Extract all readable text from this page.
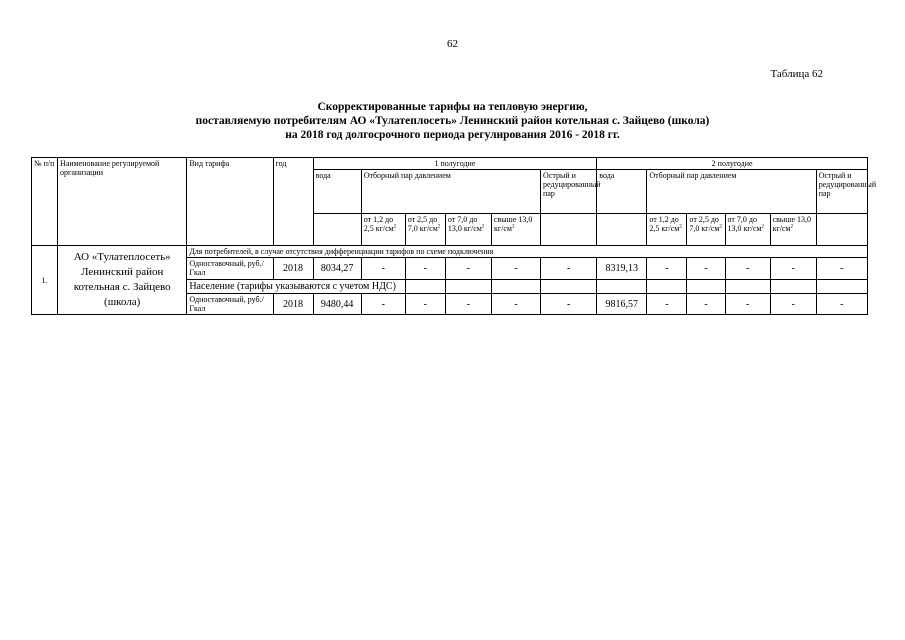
62
Таблица 62
Скорректированные тарифы на тепловую энергию,
поставляемую потребителям АО «Тулатеплосеть» Ленинский район котельная с. Зайцево (школа)
на 2018 год долгосрочного периода регулирования 2016 - 2018 гг.
№ п/п	Наименование регулируемой организации	Вид тарифа	год	1 полугодие						2 полугодие					
				вода	Отборный пар давлением				Острый и редуцированный пар	вода	Отборный пар давлением				Острый и редуцированный пар
					от 1,2 до 2,5 $кг/см^2$	от 2,5 до 7,0 $кг/см^2$	от 7,0 до 13,0 $кг/см^2$	свыше 13,0 $кг/см^2$			от 1,2 до 2,5 $кг/см^2$	от 2,5 до 7,0 $кг/см^2$	от 7,0 до 13,0 $кг/см^2$	свыше 13,0 $кг/см^2$	
1.	АО «Тулатеплосеть» Ленинский район котельная с. Зайцево (школа)	Для потребителей, в случае отсутствия дифференциации тарифов по схеме подключения													
		Одноставочный, руб./Гкал	2018	8034,27	-	-	-	-	-	8319,13	-	-	-	-	-
		Население (тарифы указываются с учетом НДС)													
		Одноставочный, руб./Гкал	2018	9480,44	-	-	-	-	-	9816,57	-	-	-	-	-
